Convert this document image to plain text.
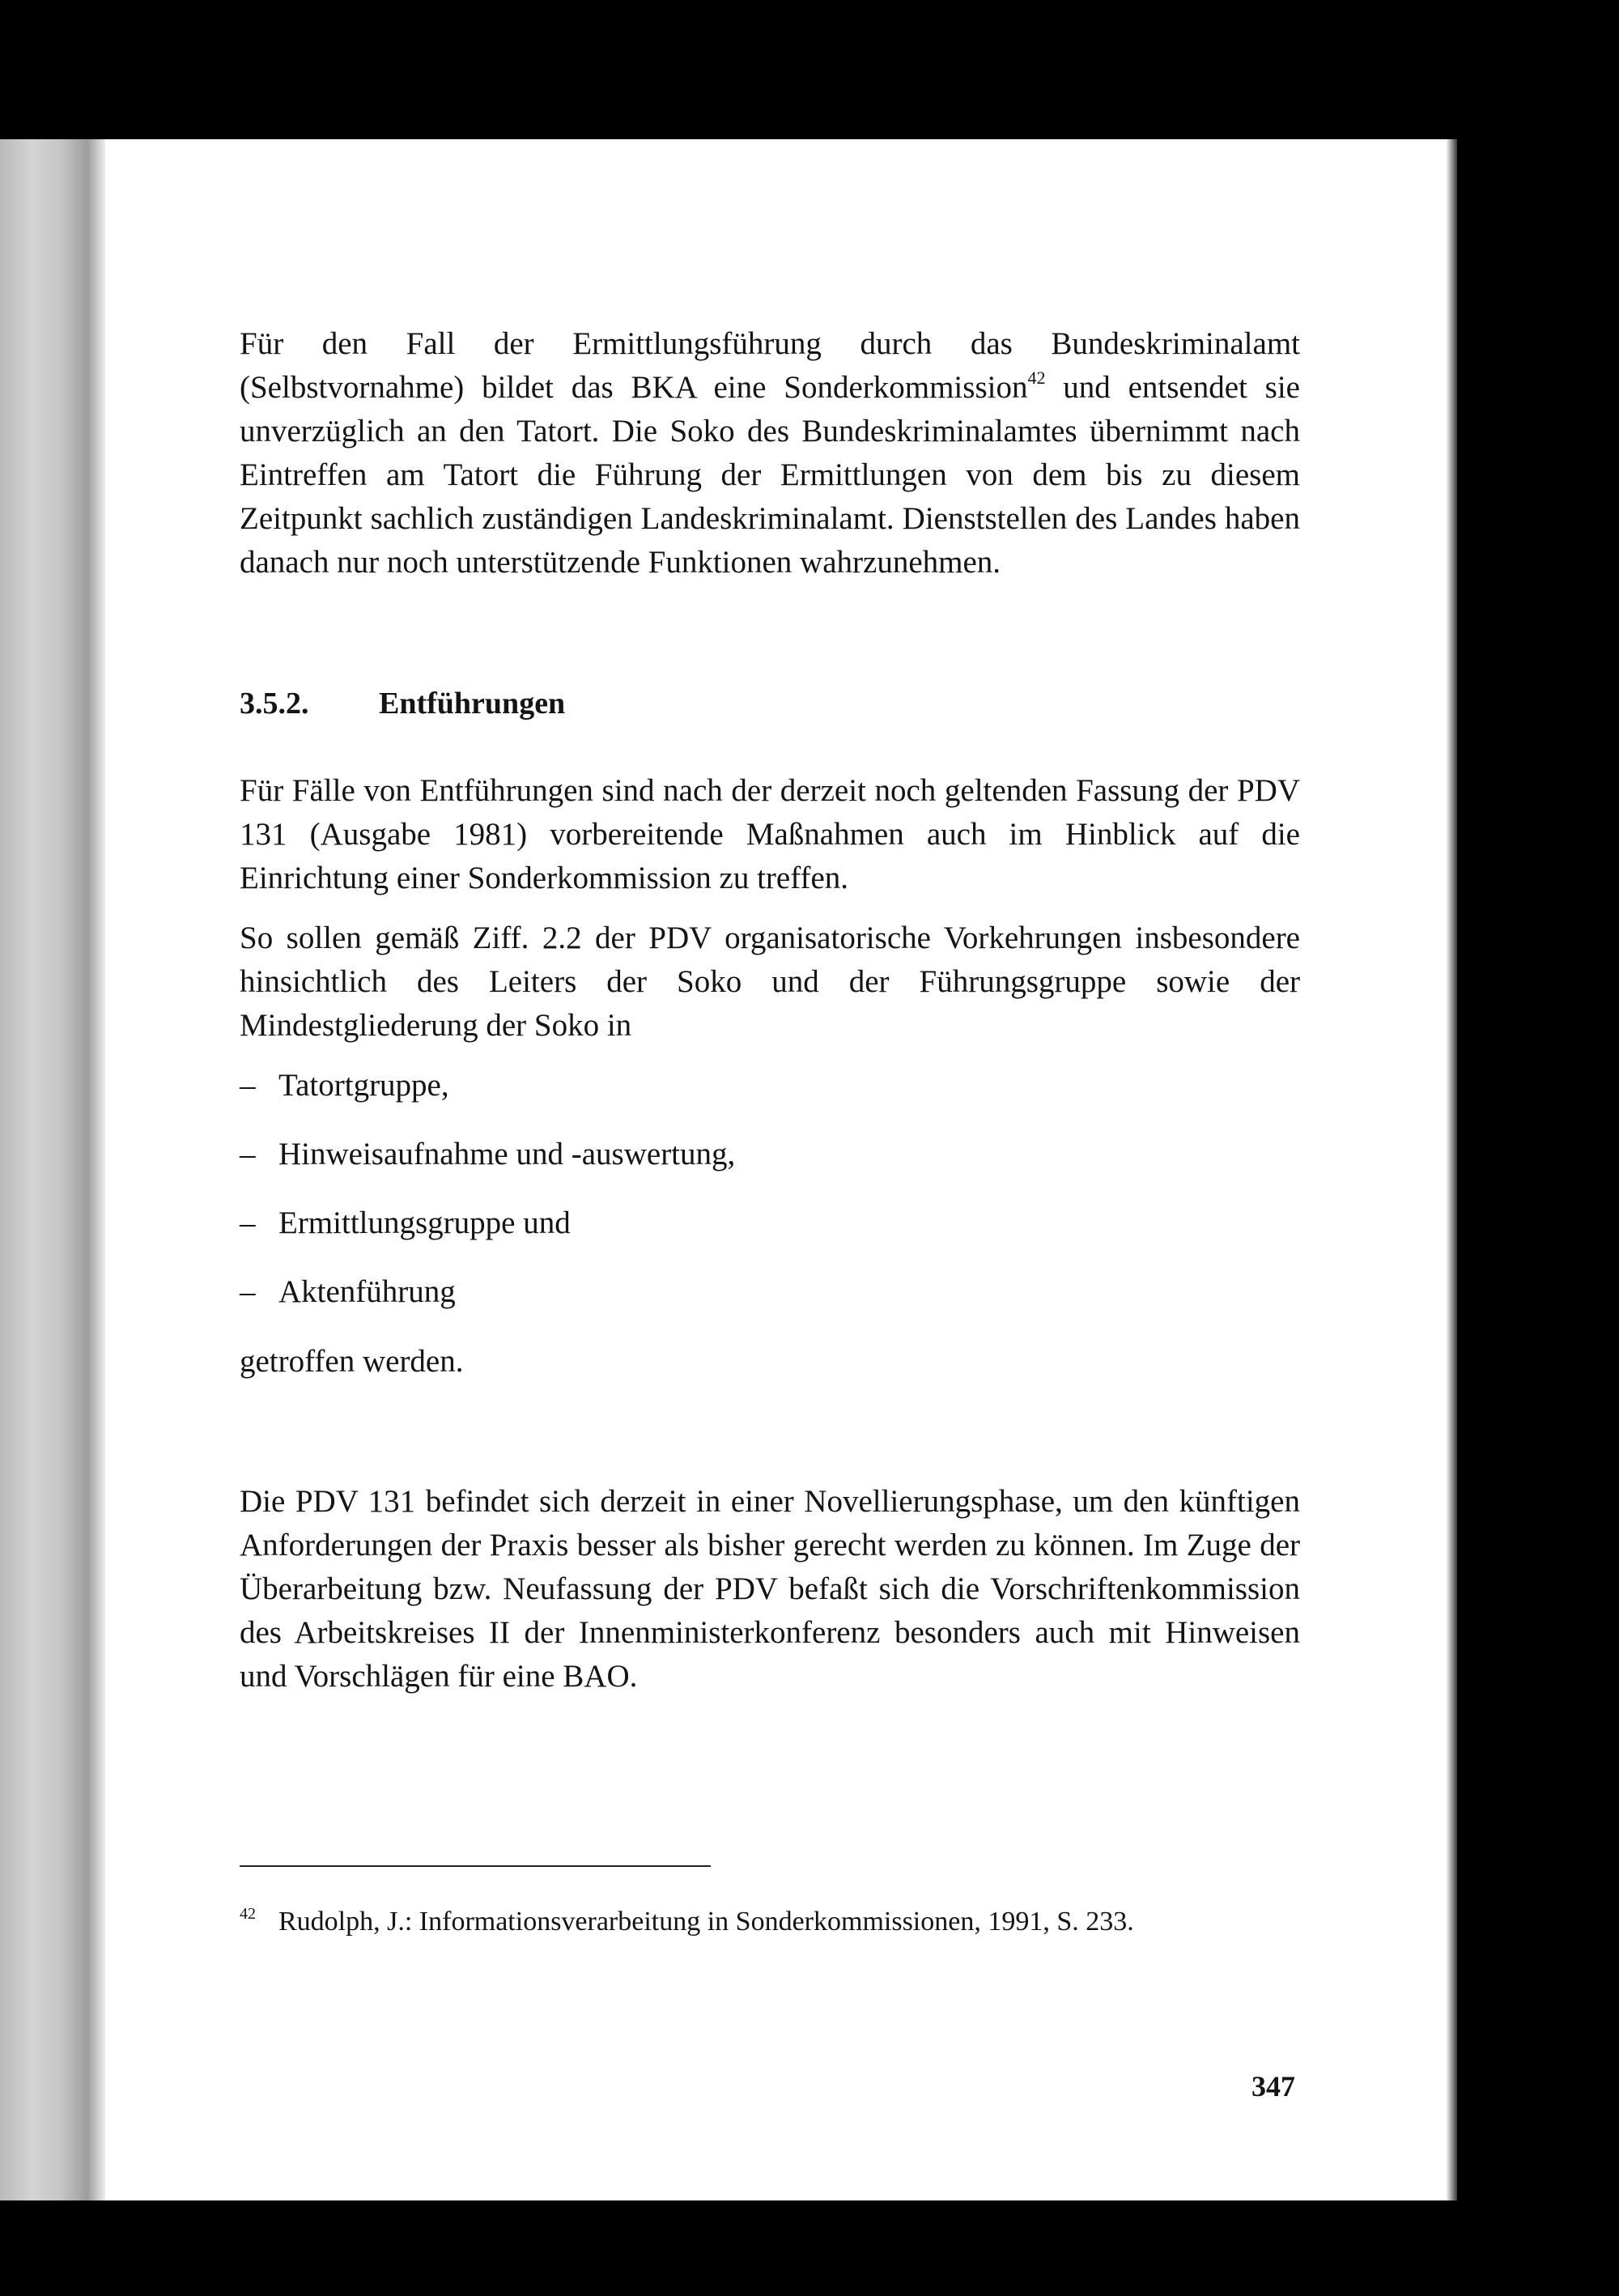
Für den Fall der Ermittlungsführung durch das Bundeskriminalamt (Selbstvornahme) bildet das BKA eine Sonderkommission$^{42}$ und entsendet sie unverzüglich an den Tatort. Die Soko des Bundeskriminalamtes übernimmt nach Eintreffen am Tatort die Führung der Ermittlungen von dem bis zu diesem Zeitpunkt sachlich zuständigen Landeskriminalamt. Dienststellen des Landes haben danach nur noch unterstützende Funktionen wahrzunehmen.

3.5.2. Entführungen

Für Fälle von Entführungen sind nach der derzeit noch geltenden Fassung der PDV 131 (Ausgabe 1981) vorbereitende Maßnahmen auch im Hinblick auf die Einrichtung einer Sonderkommission zu treffen.

So sollen gemäß Ziff. 2.2 der PDV organisatorische Vorkehrungen insbesondere hinsichtlich des Leiters der Soko und der Führungsgruppe sowie der Mindestgliederung der Soko in

– Tatortgruppe,
– Hinweisaufnahme und -auswertung,
– Ermittlungsgruppe und
– Aktenführung
getroffen werden.

Die PDV 131 befindet sich derzeit in einer Novellierungsphase, um den künftigen Anforderungen der Praxis besser als bisher gerecht werden zu können. Im Zuge der Überarbeitung bzw. Neufassung der PDV befaßt sich die Vorschriftenkommission des Arbeitskreises II der Innenministerkonferenz besonders auch mit Hinweisen und Vorschlägen für eine BAO.

42 Rudolph, J.: Informationsverarbeitung in Sonderkommissionen, 1991, S. 233.
347
